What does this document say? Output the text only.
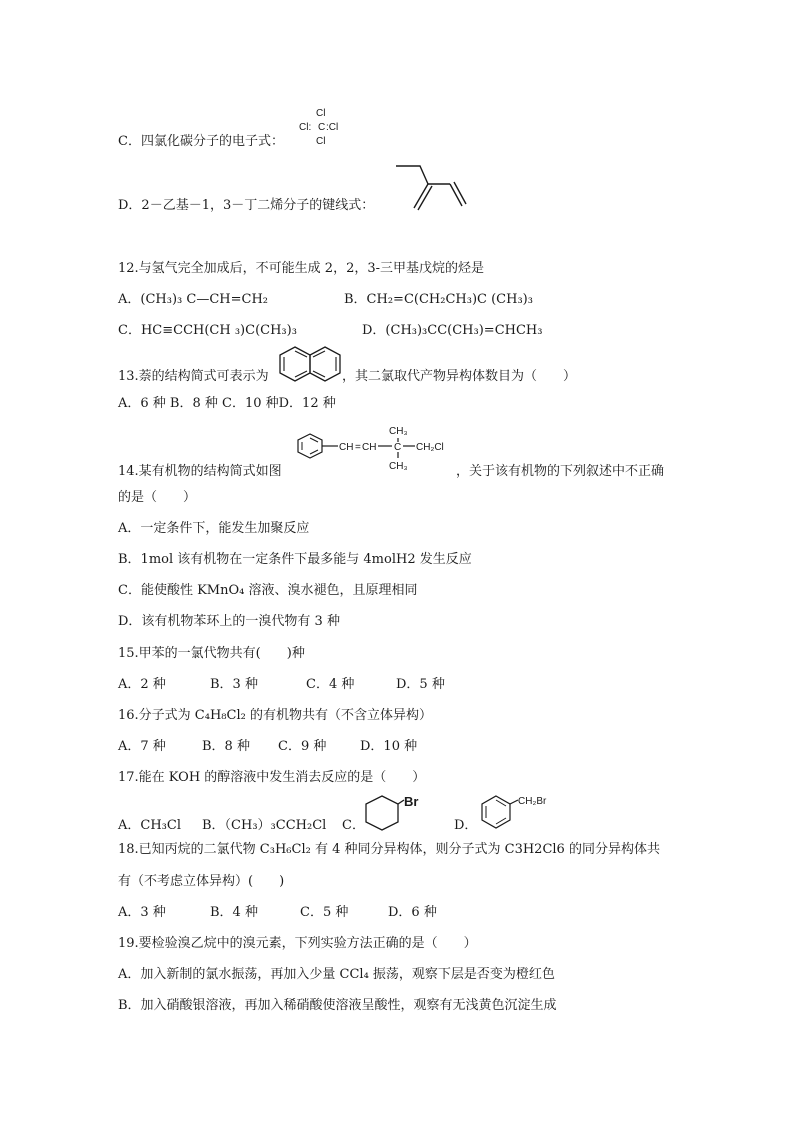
C．四氯化碳分子的电子式：
Cl
Cl: C :Cl
Cl
D．2－乙基－1，3－丁二烯分子的键线式：
12.与氢气完全加成后，不可能生成 2，2，3-三甲基戊烷的烃是
A．(CH₃)₃ C—CH=CH₂	B．CH₂=C(CH₂CH₃)C (CH₃)₃
C．HC≡CCH(CH ₃)C(CH₃)₃	D．(CH₃)₃CC(CH₃)=CHCH₃
13.萘的结构简式可表示为	，其二氯取代产物异构体数目为（　　）
A．6 种 B．8 种 C．10 种D．12 种
CH = CH C
CH₃
CH₃
CH₂Cl
14.某有机物的结构简式如图	，关于该有机物的下列叙述中不正确
的是（　　）
A．一定条件下，能发生加聚反应
B．1mol 该有机物在一定条件下最多能与 4molH2 发生反应
C．能使酸性 KMnO₄ 溶液、溴水褪色，且原理相同
D．该有机物苯环上的一溴代物有 3 种
15.甲苯的一氯代物共有(　　)种
A．2 种	B．3 种	C．4 种	D．5 种
16.分子式为 C₄H₈Cl₂ 的有机物共有（不含立体异构）
A．7 种	B．8 种 C．9 种	D．10 种
17.能在 KOH 的醇溶液中发生消去反应的是（　　）
A．CH₃Cl B．（CH₃）₃CCH₂Cl C．
Br
D．
CH₂Br
18.已知丙烷的二氯代物 C₃H₆Cl₂ 有 4 种同分异构体，则分子式为 C3H2Cl6 的同分异构体共
有（不考虑立体异构）(　　)
A．3 种	B．4 种	C．5 种	D．6 种
19.要检验溴乙烷中的溴元素，下列实验方法正确的是（　　）
A．加入新制的氯水振荡，再加入少量 CCl₄ 振荡，观察下层是否变为橙红色
B．加入硝酸银溶液，再加入稀硝酸使溶液呈酸性，观察有无浅黄色沉淀生成
